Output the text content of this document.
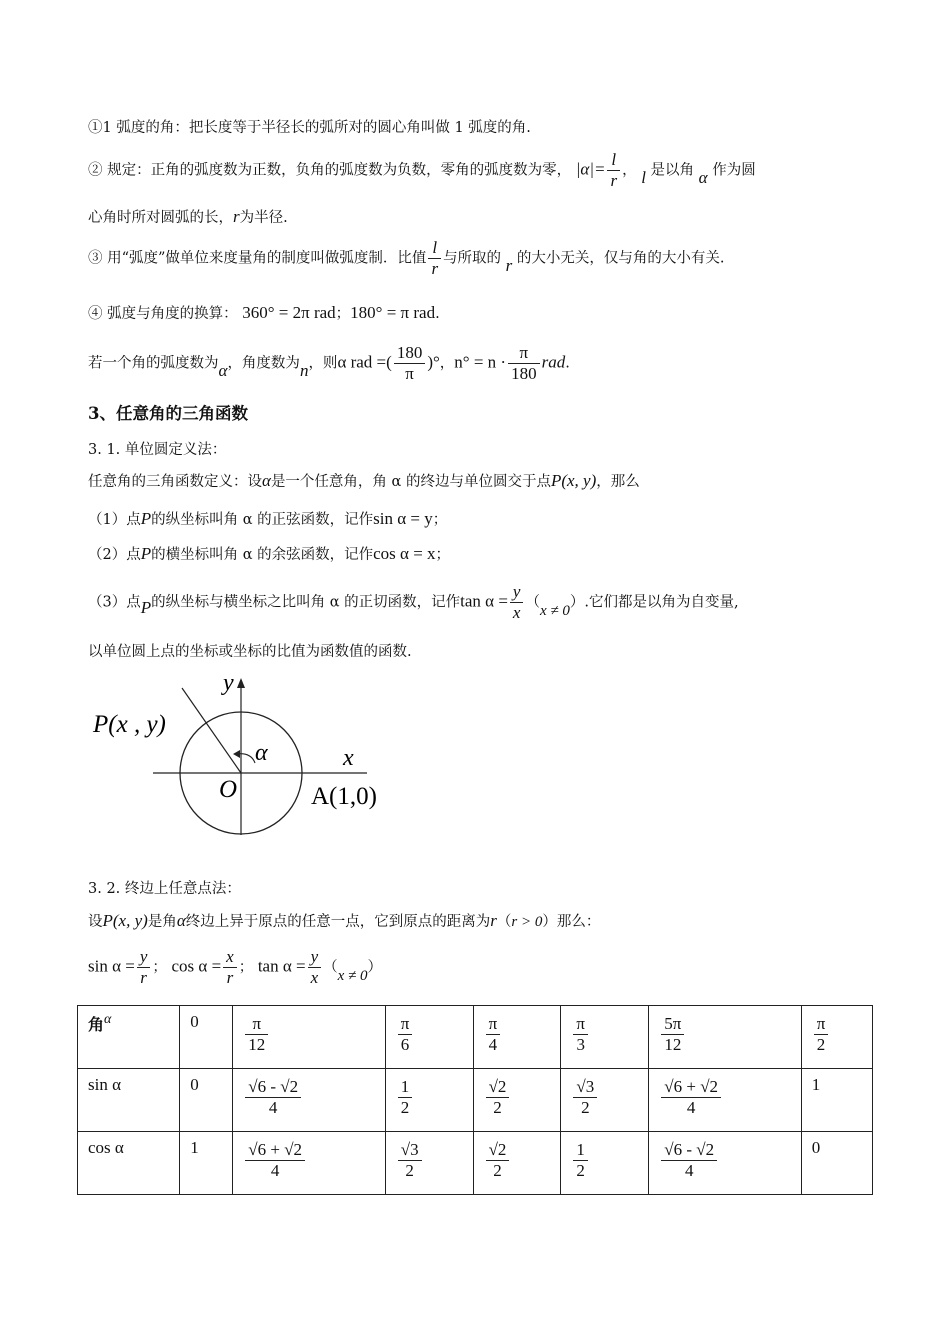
①1 弧度的角：把长度等于半径长的弧所对的圆心角叫做 1 弧度的角.
② 规定：正角的弧度数为正数，负角的弧度数为负数，零角的弧度数为零， $|\alpha|= \frac{l}{r}$ ， l 是以角 α 作为圆
心角时所对圆弧的长，r为半径.
③ 用“弧度”做单位来度量角的制度叫做弧度制．比值 $\frac{l}{r}$ 与所取的 r 的大小无关，仅与角的大小有关.
④ 弧度与角度的换算： 360° = 2π rad；180° = π rad.
若一个角的弧度数为α，角度数为n，则α rad =( $\frac{180}{\pi}$ )°，$n^\circ = n \cdot \frac{\pi}{180}$ rad.
3、任意角的三角函数
3. 1. 单位圆定义法：
任意角的三角函数定义：设α是一个任意角，角 α 的终边与单位圆交于点P(x, y)，那么
（1）点P的纵坐标叫角 α 的正弦函数，记作sin α = y；
（2）点P的横坐标叫角 α 的余弦函数，记作cos α = x；
（3）点P的纵坐标与横坐标之比叫角 α 的正切函数，记作$\tan \alpha = \frac{y}{x} (x \ne 0)$.它们都是以角为自变量,
以单位圆上点的坐标或坐标的比值为函数值的函数.
y
x
P(x , y)
O	A(1,0)
α
3. 2. 终边上任意点法：
设P(x, y)是角α终边上异于原点的任意一点，它到原点的距离为r（r > 0）那么：
$\sin \alpha = \frac{y}{r}$ ； $\cos \alpha = \frac{x}{r}$ ； $\tan \alpha = \frac{y}{x} (x \ne 0)$
角$^\alpha$	0	$\frac{\pi}{12}$	$\frac{\pi}{6}$	$\frac{\pi}{4}$	$\frac{\pi}{3}$	$\frac{5\pi}{12}$	$\frac{\pi}{2}$

sin α	0	$\frac{√6 - √2}{4}$	$\frac{1}{2}$	$\frac{√2}{2}$	$\frac{√3}{2}$	$\frac{√6 + √2}{4}$	1
cos α	1	$\frac{√6 + √2}{4}$	$\frac{√3}{2}$	$\frac{√2}{2}$	$\frac{1}{2}$	$\frac{√6 - √2}{4}$	0
